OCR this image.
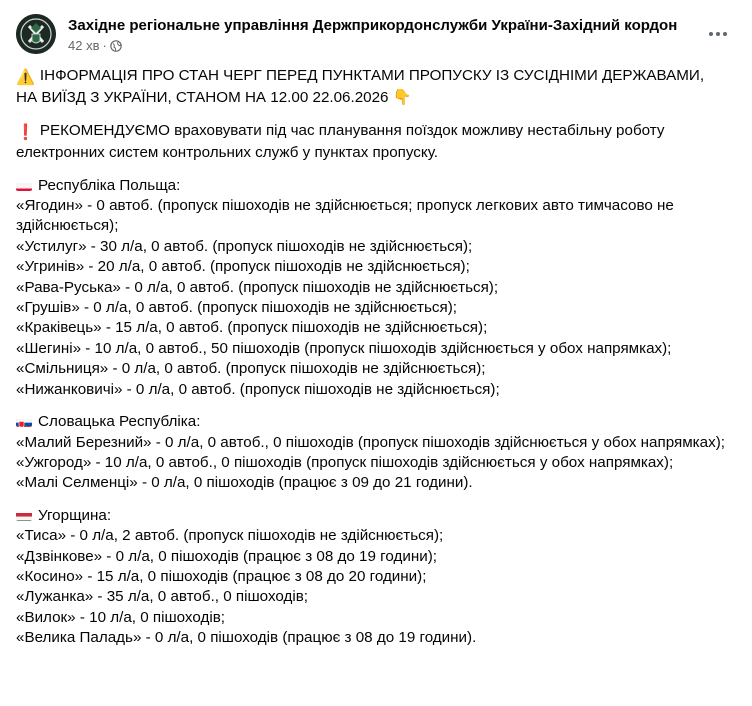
Західне регіональне управління Держприкордонслужби України-Західний кордон
42 хв ·
⚠️ ІНФОРМАЦІЯ ПРО СТАН ЧЕРГ ПЕРЕД ПУНКТАМИ ПРОПУСКУ ІЗ СУСІДНІМИ ДЕРЖАВАМИ,
НА ВИЇЗД З УКРАЇНИ, СТАНОМ НА 12.00 22.06.2026 👇
❗ РЕКОМЕНДУЄМО враховувати під час планування поїздок можливу нестабільну роботу
електронних систем контрольних служб у пунктах пропуску.
Республіка Польща:
«Ягодин» - 0 автоб. (пропуск пішоходів не здійснюється; пропуск легкових авто тимчасово не здійснюється);
«Устилуг» - 30 л/а, 0 автоб. (пропуск пішоходів не здійснюється);
«Угринів» - 20 л/а, 0 автоб. (пропуск пішоходів не здійснюється);
«Рава-Руська» - 0 л/а, 0 автоб. (пропуск пішоходів не здійснюється);
«Грушів» - 0 л/а, 0 автоб. (пропуск пішоходів не здійснюється);
«Краківець» - 15 л/а, 0 автоб. (пропуск пішоходів не здійснюється);
«Шегині» - 10 л/а, 0 автоб., 50 пішоходів (пропуск пішоходів здійснюється у обох напрямках);
«Смільниця» - 0 л/а, 0 автоб. (пропуск пішоходів не здійснюється);
«Нижанковичі» - 0 л/а, 0 автоб. (пропуск пішоходів не здійснюється);
Словацька Республіка:
«Малий Березний» - 0 л/а, 0 автоб., 0 пішоходів (пропуск пішоходів здійснюється у обох напрямках);
«Ужгород» - 10 л/а, 0 автоб., 0 пішоходів (пропуск пішоходів здійснюється у обох напрямках);
«Малі Селменці» - 0 л/а, 0 пішоходів (працює з 09 до 21 години).
Угорщина:
«Тиса» - 0 л/а, 2 автоб. (пропуск пішоходів не здійснюється);
«Дзвінкове» - 0 л/а, 0 пішоходів (працює з 08 до 19 години);
«Косино» - 15 л/а, 0 пішоходів (працює з 08 до 20 години);
«Лужанка» - 35 л/а, 0 автоб., 0 пішоходів;
«Вилок» - 10 л/а, 0 пішоходів;
«Велика Паладь» - 0 л/а, 0 пішоходів (працює з 08 до 19 години).
